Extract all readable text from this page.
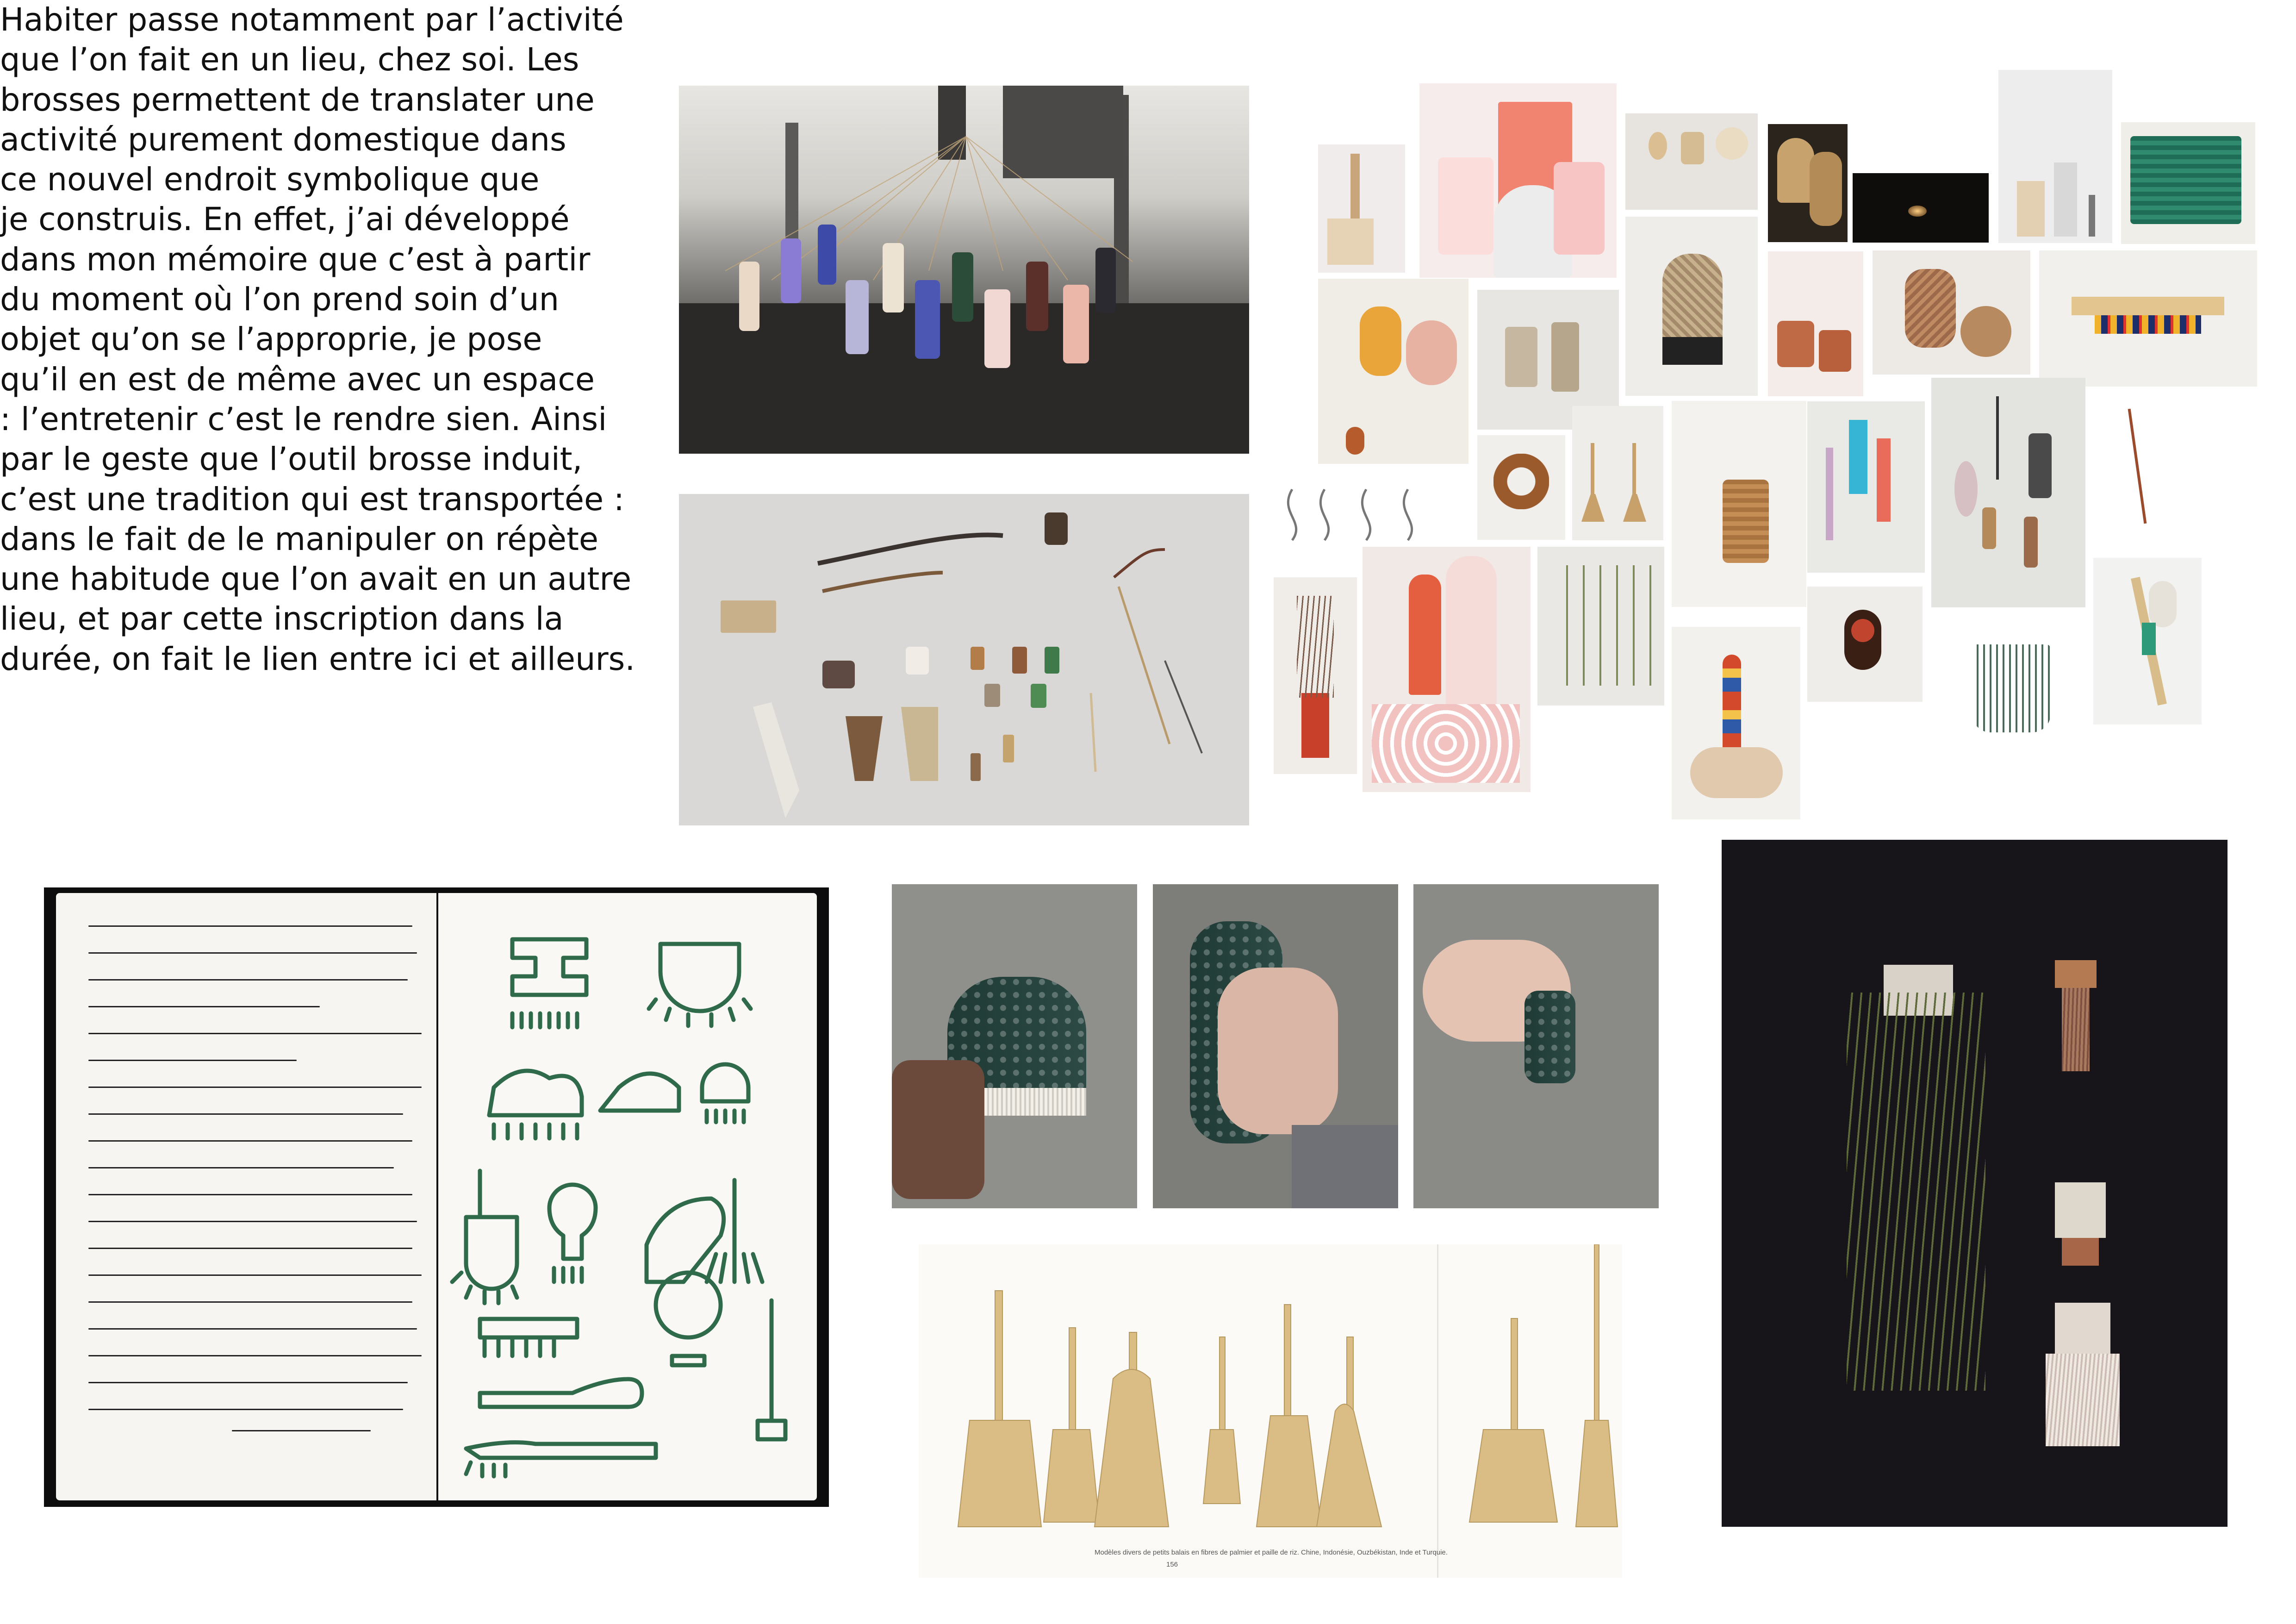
Habiter passe notamment par l’activité
que l’on fait en un lieu, chez soi. Les
brosses permettent de translater une
activité purement domestique dans
ce nouvel endroit symbolique que
je construis. En effet, j’ai développé
dans mon mémoire que c’est à partir
du moment où l’on prend soin d’un
objet qu’on se l’approprie, je pose
qu’il en est de même avec un espace
: l’entretenir c’est le rendre sien. Ainsi
par le geste que l’outil brosse induit,
c’est une tradition qui est transportée :
dans le fait de le manipuler on répète
une habitude que l’on avait en un autre
lieu, et par cette inscription dans la
durée, on fait le lien entre ici et ailleurs.
Modèles divers de petits balais en fibres de palmier et paille de riz. Chine, Indonésie, Ouzbékistan, Inde et Turquie.
156
